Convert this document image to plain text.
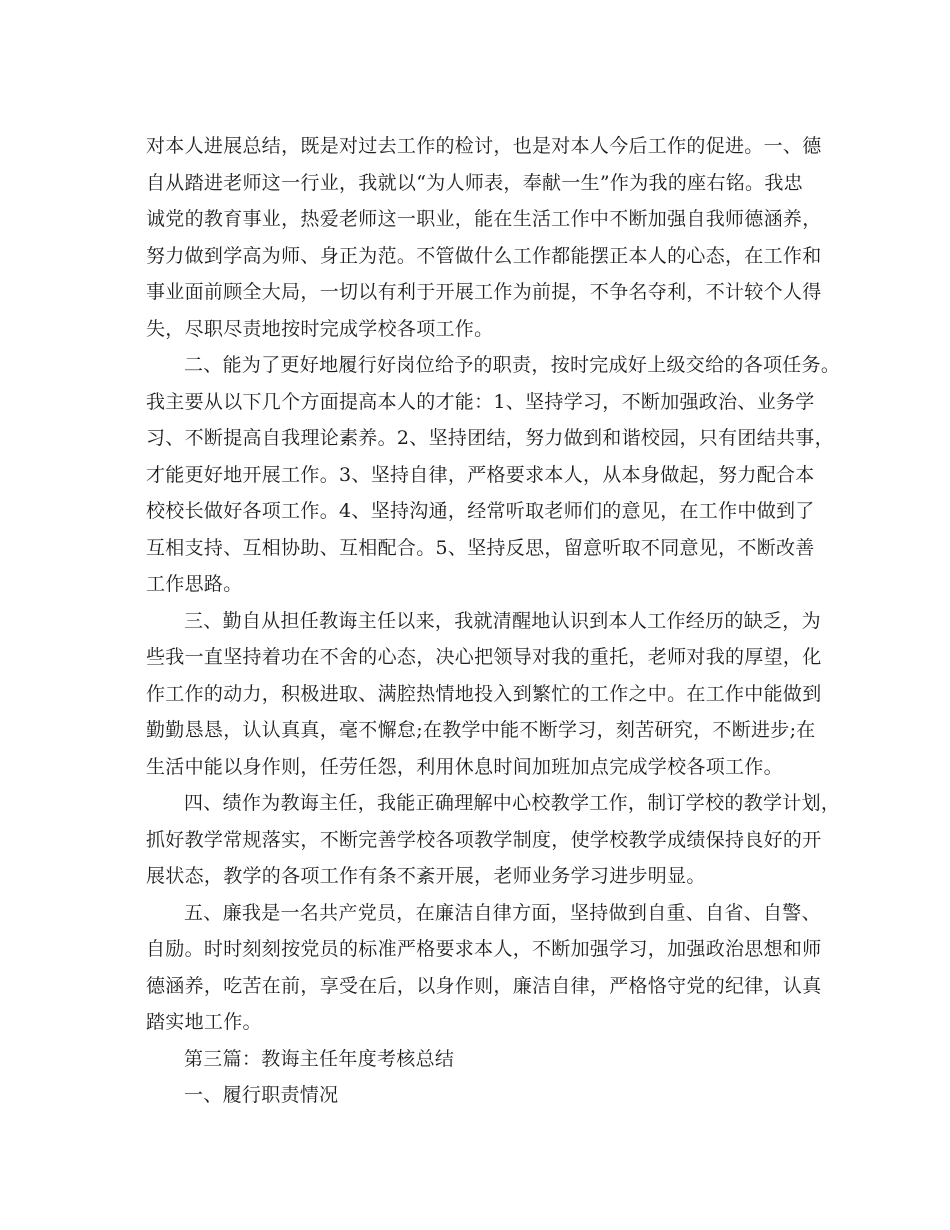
对本人进展总结，既是对过去工作的检讨，也是对本人今后工作的促进。一、德
自从踏进老师这一行业，我就以“为人师表，奉献一生”作为我的座右铭。我忠
诚党的教育事业，热爱老师这一职业，能在生活工作中不断加强自我师德涵养，
努力做到学高为师、身正为范。不管做什么工作都能摆正本人的心态，在工作和
事业面前顾全大局，一切以有利于开展工作为前提，不争名夺利，不计较个人得
失，尽职尽责地按时完成学校各项工作。
二、能为了更好地履行好岗位给予的职责，按时完成好上级交给的各项任务。
我主要从以下几个方面提高本人的才能：1、坚持学习，不断加强政治、业务学
习、不断提高自我理论素养。2、坚持团结，努力做到和谐校园，只有团结共事，
才能更好地开展工作。3、坚持自律，严格要求本人，从本身做起，努力配合本
校校长做好各项工作。4、坚持沟通，经常听取老师们的意见，在工作中做到了
互相支持、互相协助、互相配合。5、坚持反思，留意听取不同意见，不断改善
工作思路。
三、勤自从担任教诲主任以来，我就清醒地认识到本人工作经历的缺乏，为
些我一直坚持着功在不舍的心态，决心把领导对我的重托，老师对我的厚望，化
作工作的动力，积极进取、满腔热情地投入到繁忙的工作之中。在工作中能做到
勤勤恳恳，认认真真，毫不懈怠;在教学中能不断学习，刻苦研究，不断进步;在
生活中能以身作则，任劳任怨，利用休息时间加班加点完成学校各项工作。
四、绩作为教诲主任，我能正确理解中心校教学工作，制订学校的教学计划，
抓好教学常规落实，不断完善学校各项教学制度，使学校教学成绩保持良好的开
展状态，教学的各项工作有条不紊开展，老师业务学习进步明显。
五、廉我是一名共产党员，在廉洁自律方面，坚持做到自重、自省、自警、
自励。时时刻刻按党员的标准严格要求本人，不断加强学习，加强政治思想和师
德涵养，吃苦在前，享受在后，以身作则，廉洁自律，严格恪守党的纪律，认真
踏实地工作。
第三篇：教诲主任年度考核总结
一、履行职责情况
